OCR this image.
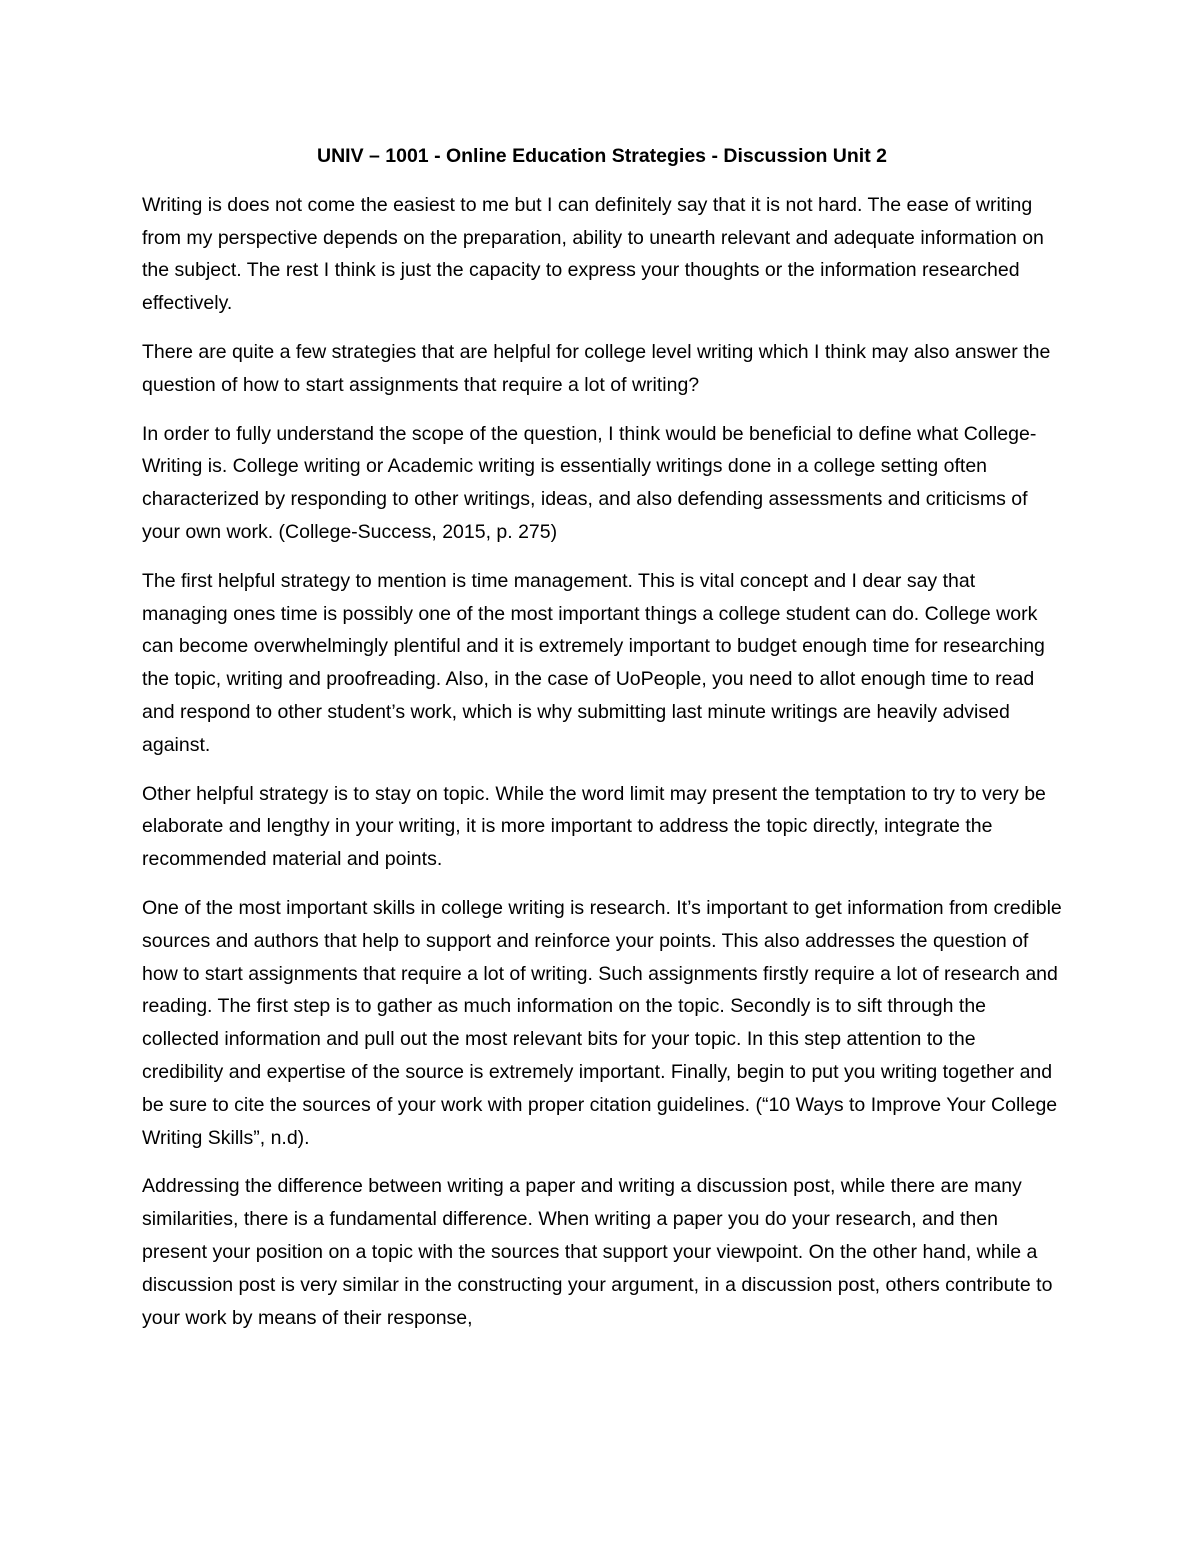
UNIV – 1001 - Online Education Strategies - Discussion Unit 2

Writing is does not come the easiest to me but I can definitely say that it is not hard. The ease of writing from my perspective depends on the preparation, ability to unearth relevant and adequate information on the subject. The rest I think is just the capacity to express your thoughts or the information researched effectively.

There are quite a few strategies that are helpful for college level writing which I think may also answer the question of how to start assignments that require a lot of writing?

In order to fully understand the scope of the question, I think would be beneficial to define what College-Writing is. College writing or Academic writing is essentially writings done in a college setting often characterized by responding to other writings, ideas, and also defending assessments and criticisms of your own work. (College-Success, 2015, p. 275)

The first helpful strategy to mention is time management. This is vital concept and I dear say that managing ones time is possibly one of the most important things a college student can do. College work can become overwhelmingly plentiful and it is extremely important to budget enough time for researching the topic, writing and proofreading. Also, in the case of UoPeople, you need to allot enough time to read and respond to other student’s work, which is why submitting last minute writings are heavily advised against.

Other helpful strategy is to stay on topic. While the word limit may present the temptation to try to very be elaborate and lengthy in your writing, it is more important to address the topic directly, integrate the recommended material and points.

One of the most important skills in college writing is research. It’s important to get information from credible sources and authors that help to support and reinforce your points. This also addresses the question of how to start assignments that require a lot of writing. Such assignments firstly require a lot of research and reading. The first step is to gather as much information on the topic. Secondly is to sift through the collected information and pull out the most relevant bits for your topic. In this step attention to the credibility and expertise of the source is extremely important. Finally, begin to put you writing together and be sure to cite the sources of your work with proper citation guidelines. (“10 Ways to Improve Your College Writing Skills”, n.d).

Addressing the difference between writing a paper and writing a discussion post, while there are many similarities, there is a fundamental difference. When writing a paper you do your research, and then present your position on a topic with the sources that support your viewpoint. On the other hand, while a discussion post is very similar in the constructing your argument, in a discussion post, others contribute to your work by means of their response,
